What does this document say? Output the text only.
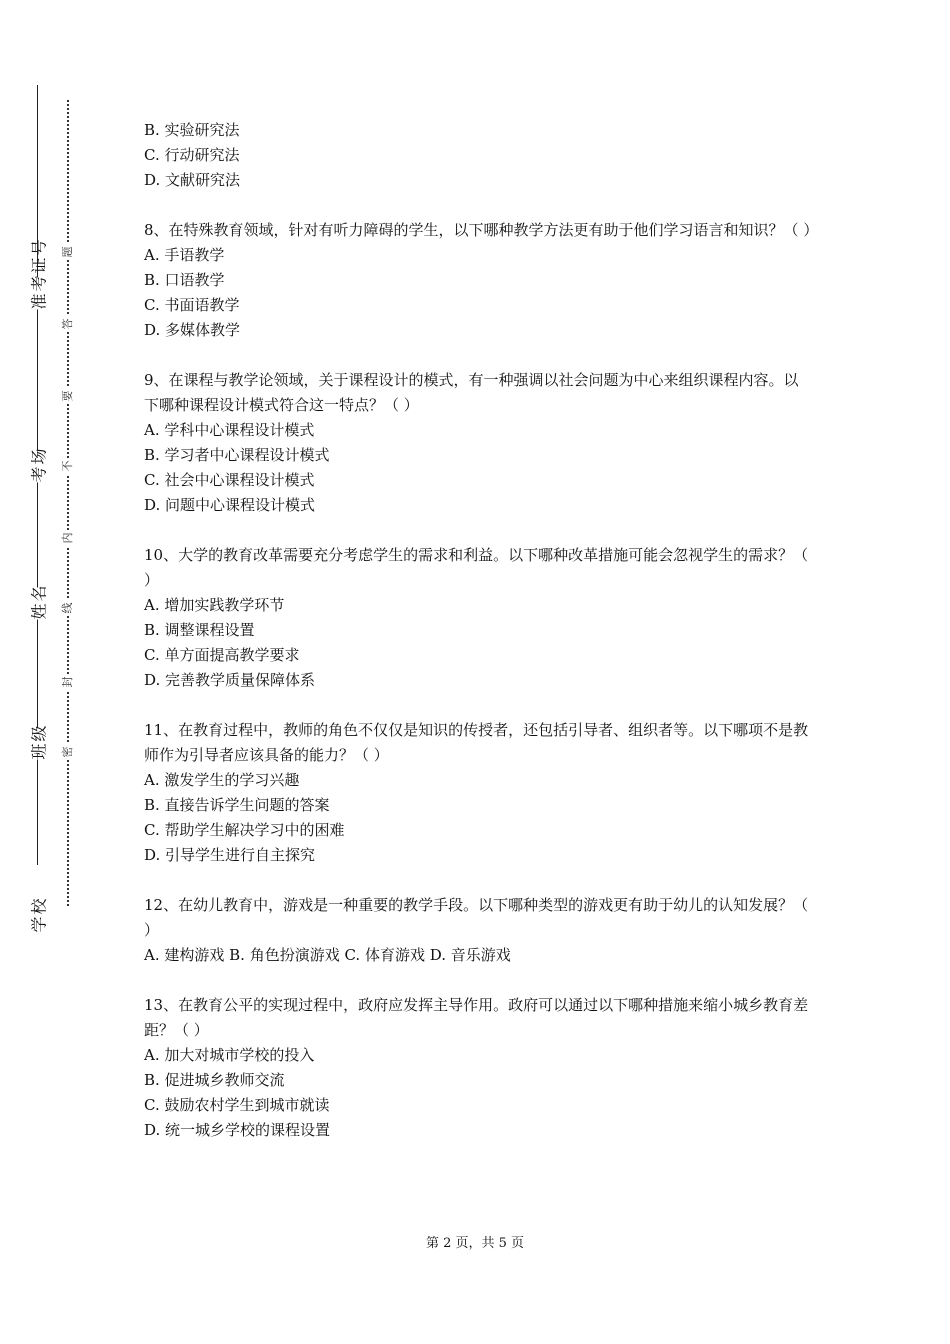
准考证号
考场
姓名
班级
学校
题
答
要
不
内
线
封
密
B. 实验研究法
C. 行动研究法
D. 文献研究法
8、在特殊教育领域，针对有听力障碍的学生，以下哪种教学方法更有助于他们学习语言和知识？（ ）
A. 手语教学
B. 口语教学
C. 书面语教学
D. 多媒体教学
9、在课程与教学论领域，关于课程设计的模式，有一种强调以社会问题为中心来组织课程内容。以下哪种课程设计模式符合这一特点？（ ）
A. 学科中心课程设计模式
B. 学习者中心课程设计模式
C. 社会中心课程设计模式
D. 问题中心课程设计模式
10、大学的教育改革需要充分考虑学生的需求和利益。以下哪种改革措施可能会忽视学生的需求？（ ）
A. 增加实践教学环节
B. 调整课程设置
C. 单方面提高教学要求
D. 完善教学质量保障体系
11、在教育过程中，教师的角色不仅仅是知识的传授者，还包括引导者、组织者等。以下哪项不是教师作为引导者应该具备的能力？（ ）
A. 激发学生的学习兴趣
B. 直接告诉学生问题的答案
C. 帮助学生解决学习中的困难
D. 引导学生进行自主探究
12、在幼儿教育中，游戏是一种重要的教学手段。以下哪种类型的游戏更有助于幼儿的认知发展？（ ）
A. 建构游戏 B. 角色扮演游戏 C. 体育游戏 D. 音乐游戏
13、在教育公平的实现过程中，政府应发挥主导作用。政府可以通过以下哪种措施来缩小城乡教育差距？（ ）
A. 加大对城市学校的投入
B. 促进城乡教师交流
C. 鼓励农村学生到城市就读
D. 统一城乡学校的课程设置
第 2 页，共 5 页
